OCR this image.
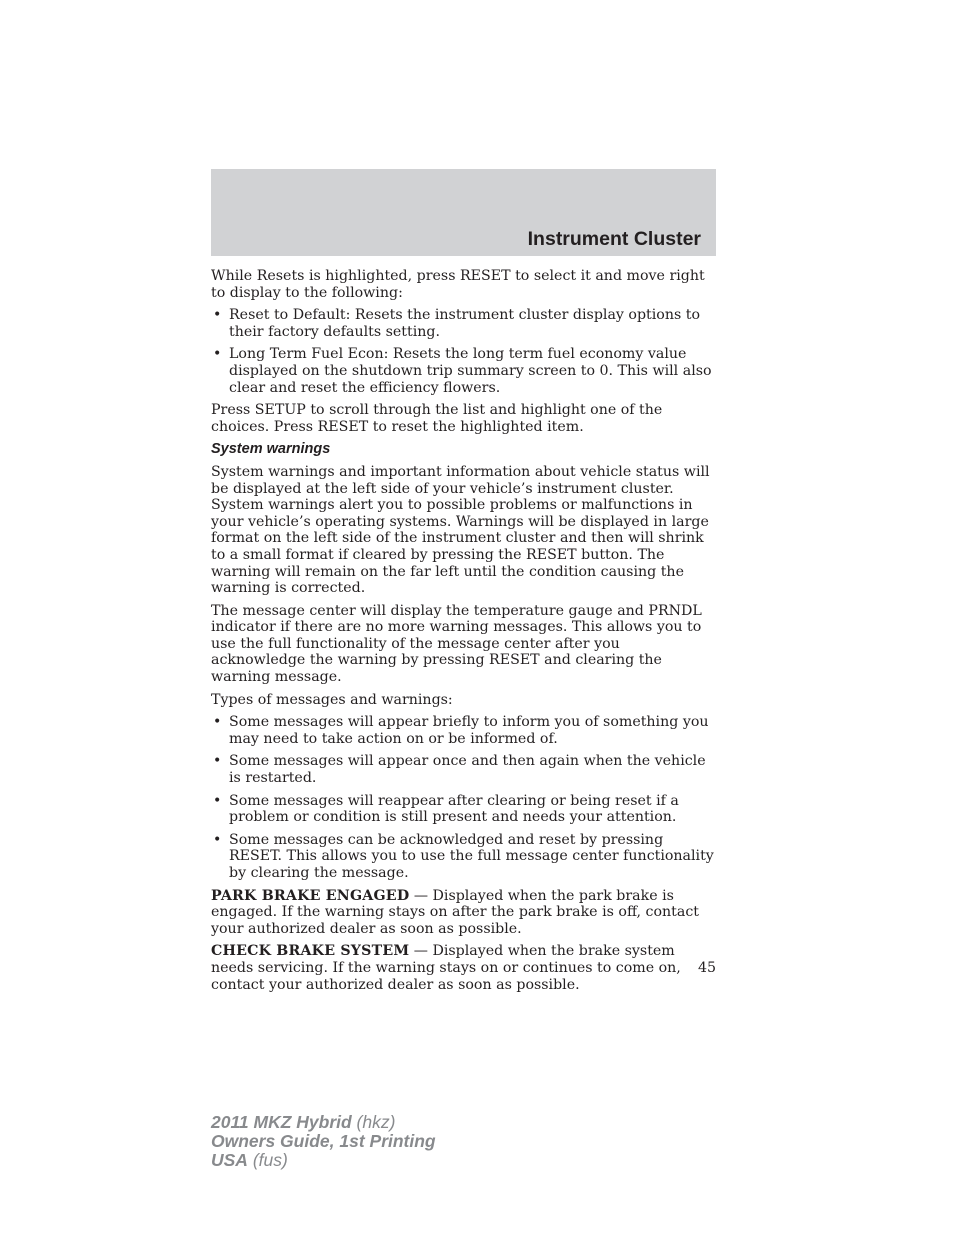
Instrument Cluster

While Resets is highlighted, press RESET to select it and move right to display to the following:

• Reset to Default: Resets the instrument cluster display options to their factory defaults setting.
• Long Term Fuel Econ: Resets the long term fuel economy value displayed on the shutdown trip summary screen to 0. This will also clear and reset the efficiency flowers.

Press SETUP to scroll through the list and highlight one of the choices. Press RESET to reset the highlighted item.

System warnings

System warnings and important information about vehicle status will be displayed at the left side of your vehicle’s instrument cluster. System warnings alert you to possible problems or malfunctions in your vehicle’s operating systems. Warnings will be displayed in large format on the left side of the instrument cluster and then will shrink to a small format if cleared by pressing the RESET button. The warning will remain on the far left until the condition causing the warning is corrected.

The message center will display the temperature gauge and PRNDL indicator if there are no more warning messages. This allows you to use the full functionality of the message center after you acknowledge the warning by pressing RESET and clearing the warning message.

Types of messages and warnings:

• Some messages will appear briefly to inform you of something you may need to take action on or be informed of.
• Some messages will appear once and then again when the vehicle is restarted.
• Some messages will reappear after clearing or being reset if a problem or condition is still present and needs your attention.
• Some messages can be acknowledged and reset by pressing RESET. This allows you to use the full message center functionality by clearing the message.

PARK BRAKE ENGAGED — Displayed when the park brake is engaged. If the warning stays on after the park brake is off, contact your authorized dealer as soon as possible.

CHECK BRAKE SYSTEM — Displayed when the brake system needs servicing. If the warning stays on or continues to come on, contact your authorized dealer as soon as possible.

45
2011 MKZ Hybrid (hkz)
Owners Guide, 1st Printing
USA (fus)
